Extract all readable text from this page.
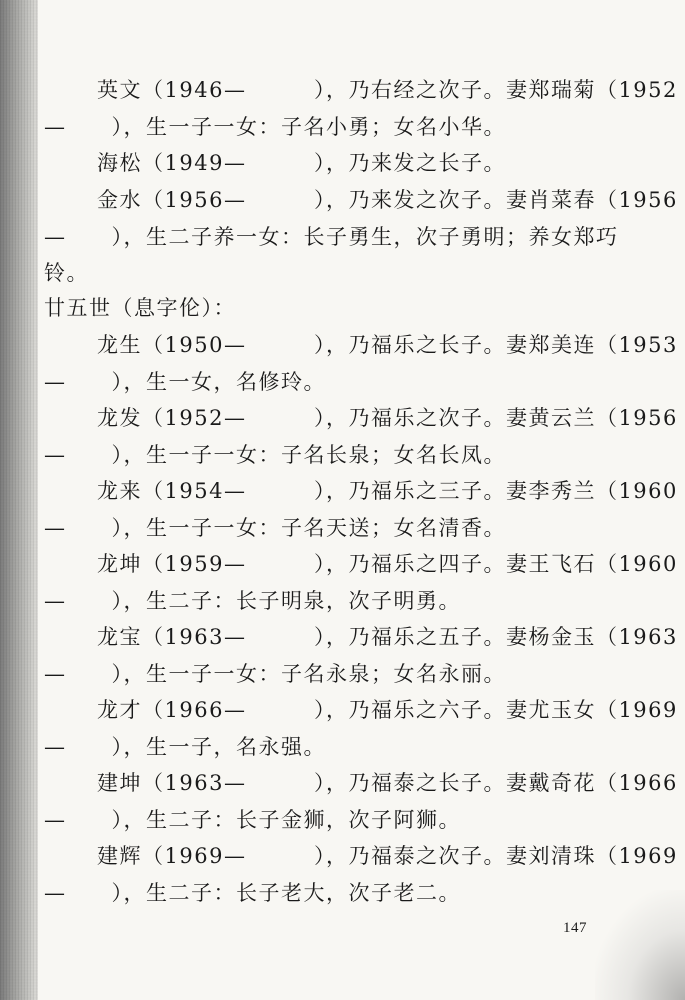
英文（1946—　　　），乃右经之次子。妻郑瑞菊（1952
—　　），生一子一女：子名小勇；女名小华。
海松（1949—　　　），乃来发之长子。
金水（1956—　　　），乃来发之次子。妻肖菜春（1956
—　　），生二子养一女：长子勇生，次子勇明；养女郑巧
铃。
廿五世（息字伦）：
龙生（1950—　　　），乃福乐之长子。妻郑美连（1953
—　　），生一女，名修玲。
龙发（1952—　　　），乃福乐之次子。妻黄云兰（1956
—　　），生一子一女：子名长泉；女名长凤。
龙来（1954—　　　），乃福乐之三子。妻李秀兰（1960
—　　），生一子一女：子名天送；女名清香。
龙坤（1959—　　　），乃福乐之四子。妻王飞石（1960
—　　），生二子：长子明泉，次子明勇。
龙宝（1963—　　　），乃福乐之五子。妻杨金玉（1963
—　　），生一子一女：子名永泉；女名永丽。
龙才（1966—　　　），乃福乐之六子。妻尤玉女（1969
—　　），生一子，名永强。
建坤（1963—　　　），乃福泰之长子。妻戴奇花（1966
—　　），生二子：长子金狮，次子阿狮。
建辉（1969—　　　），乃福泰之次子。妻刘清珠（1969
—　　），生二子：长子老大，次子老二。
147
